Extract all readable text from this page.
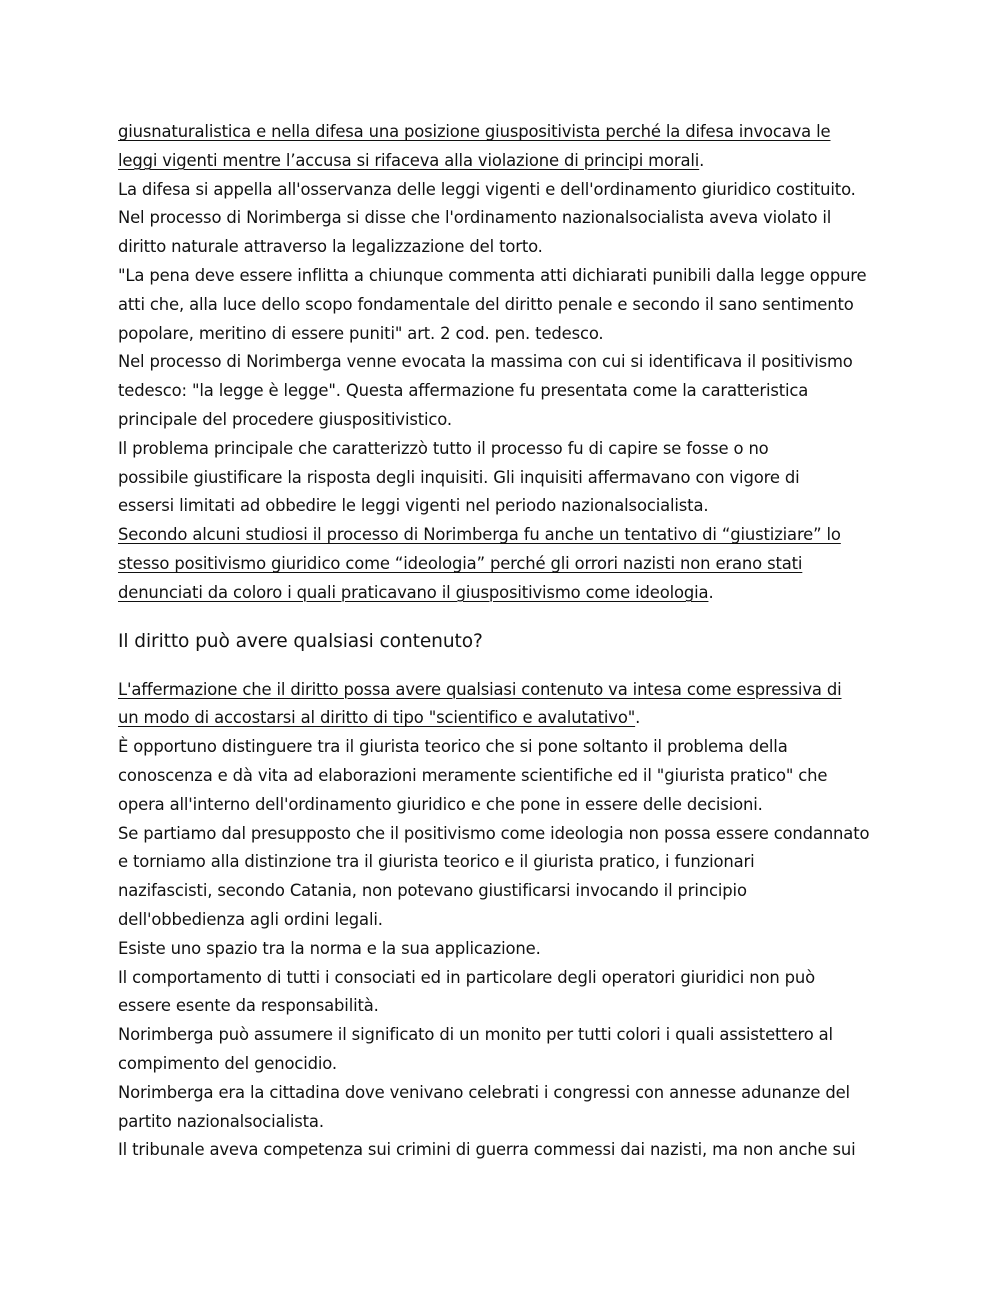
giusnaturalistica e nella difesa una posizione giuspositivista perché la difesa invocava le
leggi vigenti mentre l’accusa si rifaceva alla violazione di principi morali.
La difesa si appella all'osservanza delle leggi vigenti e dell'ordinamento giuridico costituito.
Nel processo di Norimberga si disse che l'ordinamento nazionalsocialista aveva violato il
diritto naturale attraverso la legalizzazione del torto.
"La pena deve essere inflitta a chiunque commenta atti dichiarati punibili dalla legge oppure
atti che, alla luce dello scopo fondamentale del diritto penale e secondo il sano sentimento
popolare, meritino di essere puniti" art. 2 cod. pen. tedesco.
Nel processo di Norimberga venne evocata la massima con cui si identificava il positivismo
tedesco: "la legge è legge". Questa affermazione fu presentata come la caratteristica
principale del procedere giuspositivistico.
Il problema principale che caratterizzò tutto il processo fu di capire se fosse o no
possibile giustificare la risposta degli inquisiti. Gli inquisiti affermavano con vigore di
essersi limitati ad obbedire le leggi vigenti nel periodo nazionalsocialista.
Secondo alcuni studiosi il processo di Norimberga fu anche un tentativo di “giustiziare” lo
stesso positivismo giuridico come “ideologia” perché gli orrori nazisti non erano stati
denunciati da coloro i quali praticavano il giuspositivismo come ideologia.
Il diritto può avere qualsiasi contenuto?
L'affermazione che il diritto possa avere qualsiasi contenuto va intesa come espressiva di
un modo di accostarsi al diritto di tipo "scientifico e avalutativo".
È opportuno distinguere tra il giurista teorico che si pone soltanto il problema della
conoscenza e dà vita ad elaborazioni meramente scientifiche ed il "giurista pratico" che
opera all'interno dell'ordinamento giuridico e che pone in essere delle decisioni.
Se partiamo dal presupposto che il positivismo come ideologia non possa essere condannato
e torniamo alla distinzione tra il giurista teorico e il giurista pratico, i funzionari
nazifascisti, secondo Catania, non potevano giustificarsi invocando il principio
dell'obbedienza agli ordini legali.
Esiste uno spazio tra la norma e la sua applicazione.
Il comportamento di tutti i consociati ed in particolare degli operatori giuridici non può
essere esente da responsabilità.
Norimberga può assumere il significato di un monito per tutti colori i quali assistettero al
compimento del genocidio.
Norimberga era la cittadina dove venivano celebrati i congressi con annesse adunanze del
partito nazionalsocialista.
Il tribunale aveva competenza sui crimini di guerra commessi dai nazisti, ma non anche sui
